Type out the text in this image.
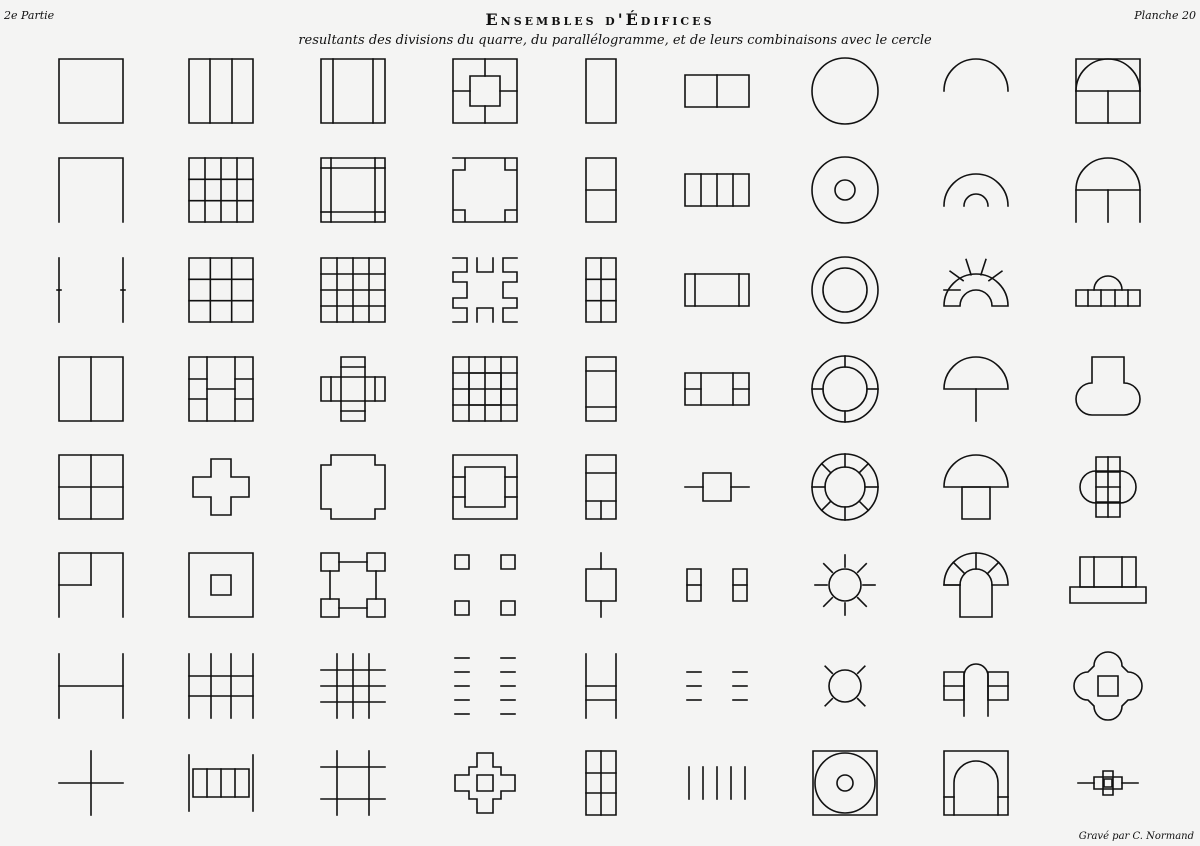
2e Partie	Ensembles d'Édifices	Planche 20
resultants des divisions du quarre, du parallélogramme, et de leurs combinaisons avec le cercle
Gravé par C. Normand
